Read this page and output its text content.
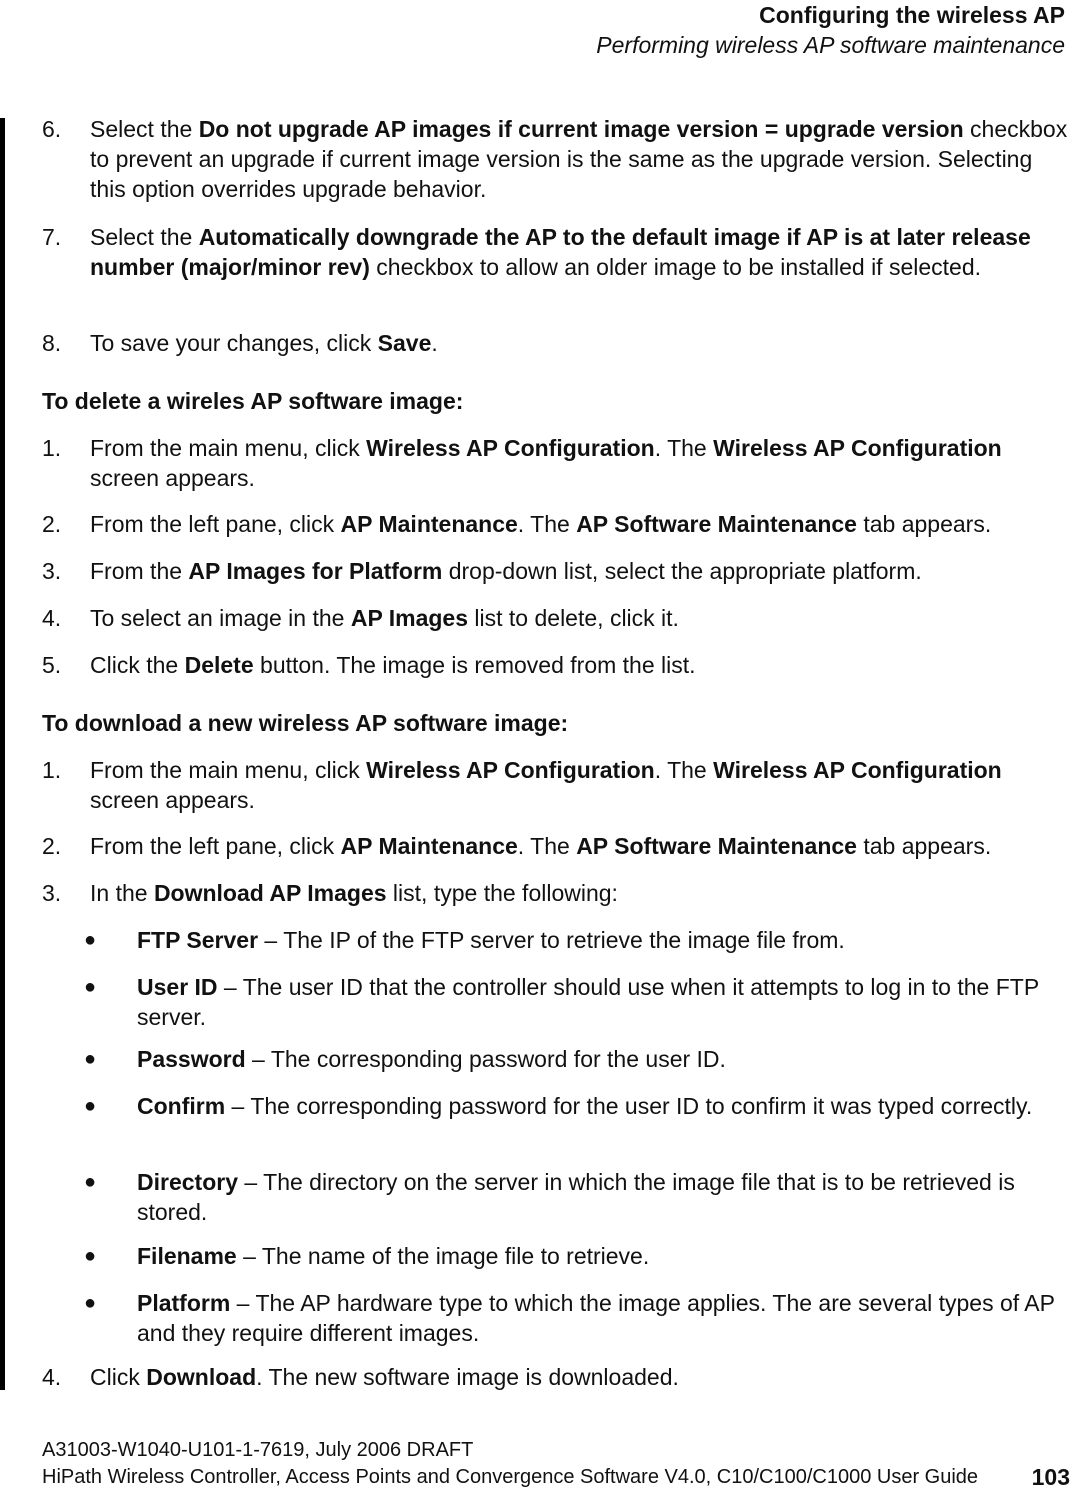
Configuring the wireless AP
Performing wireless AP software maintenance
6. Select the Do not upgrade AP images if current image version = upgrade version checkbox to prevent an upgrade if current image version is the same as the upgrade version. Selecting this option overrides upgrade behavior.
7. Select the Automatically downgrade the AP to the default image if AP is at later release number (major/minor rev) checkbox to allow an older image to be installed if selected.
8. To save your changes, click Save.
To delete a wireles AP software image:
1. From the main menu, click Wireless AP Configuration. The Wireless AP Configuration screen appears.
2. From the left pane, click AP Maintenance. The AP Software Maintenance tab appears.
3. From the AP Images for Platform drop-down list, select the appropriate platform.
4. To select an image in the AP Images list to delete, click it.
5. Click the Delete button. The image is removed from the list.
To download a new wireless AP software image:
1. From the main menu, click Wireless AP Configuration. The Wireless AP Configuration screen appears.
2. From the left pane, click AP Maintenance. The AP Software Maintenance tab appears.
3. In the Download AP Images list, type the following:
● FTP Server – The IP of the FTP server to retrieve the image file from.
● User ID – The user ID that the controller should use when it attempts to log in to the FTP server.
● Password – The corresponding password for the user ID.
● Confirm – The corresponding password for the user ID to confirm it was typed correctly.
● Directory – The directory on the server in which the image file that is to be retrieved is stored.
● Filename – The name of the image file to retrieve.
● Platform – The AP hardware type to which the image applies. The are several types of AP and they require different images.
4. Click Download. The new software image is downloaded.
A31003-W1040-U101-1-7619, July 2006 DRAFT
HiPath Wireless Controller, Access Points and Convergence Software V4.0, C10/C100/C1000 User Guide	103
